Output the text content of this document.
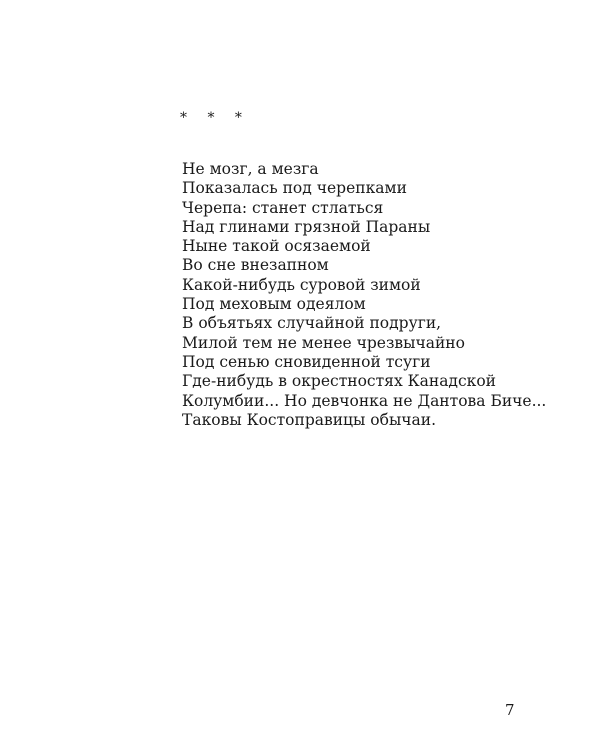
* * *
Не мозг, а мезга
Показалась под черепками
Черепа: станет стлаться
Над глинами грязной Параны
Ныне такой осязаемой
Во сне внезапном
Какой-нибудь суровой зимой
Под меховым одеялом
В объятьях случайной подруги,
Милой тем не менее чрезвычайно
Под сенью сновиденной тсуги
Где-нибудь в окрестностях Канадской
Колумбии... Но девчонка не Дантова Биче...
Таковы Костоправицы обычаи.
7
